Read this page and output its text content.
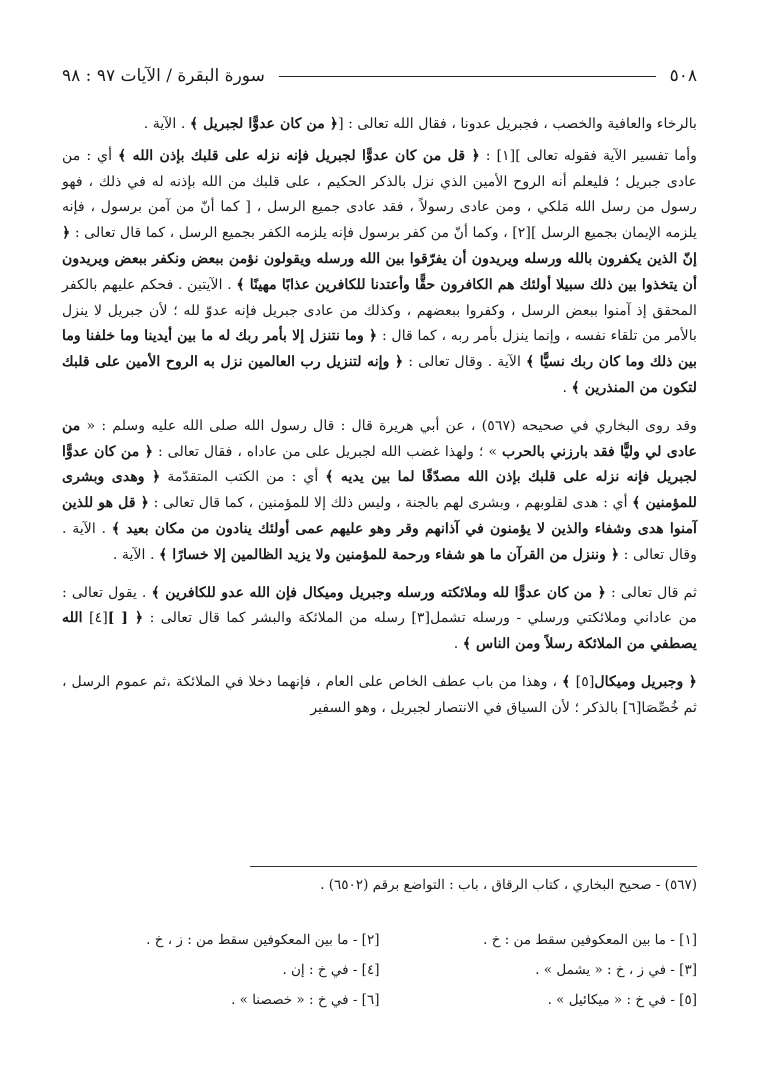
٥٠٨
سورة البقرة / الآيات ٩٧ : ٩٨

بالرخاء والعافية والخصب ، فجبريل عدونا ، فقال الله تعالى : [﴿ من كان عدوًّا لجبريل ﴾ . الآية .

وأما تفسير الآية فقوله تعالى ][١] : ﴿ قل من كان عدوًّا لجبريل فإنه نزله على قلبك بإذن الله ﴾ أي : من عادى جبريل ؛ فليعلم أنه الروح الأمين الذي نزل بالذكر الحكيم ، على قلبك من الله بإذنه له في ذلك ، فهو رسول من رسل الله مَلكي ، ومن عادى رسولاً ، فقد عادى جميع الرسل ، [ كما أنّ من آمن برسول ، فإنه يلزمه الإيمان بجميع الرسل ][٢] ، وكما أنّ من كفر برسول فإنه يلزمه الكفر بجميع الرسل ، كما قال تعالى : ﴿ إنّ الذين يكفرون بالله ورسله ويريدون أن يفرّقوا بين الله ورسله ويقولون نؤمن ببعض ونكفر ببعض ويريدون أن يتخذوا بين ذلك سبيلا أولئك هم الكافرون حقًّا وأعتدنا للكافرين عذابًا مهينًا ﴾ . الآيتين . فحكم عليهم بالكفر المحقق إذ آمنوا ببعض الرسل ، وكفروا ببعضهم ، وكذلك من عادى جبريل فإنه عدوّ لله ؛ لأن جبريل لا ينزل بالأمر من تلقاء نفسه ، وإنما ينزل بأمر ربه ، كما قال : ﴿ وما نتنزل إلا بأمر ربك له ما بين أيدينا وما خلفنا وما بين ذلك وما كان ربك نسيًّا ﴾ الآية . وقال تعالى : ﴿ وإنه لتنزيل رب العالمين نزل به الروح الأمين على قلبك لتكون من المنذرين ﴾ .

وقد روى البخاري في صحيحه (٥٦٧) ، عن أبي هريرة قال : قال رسول الله صلى الله عليه وسلم : « من عادى لي وليًّا فقد بارزني بالحرب » ؛ ولهذا غضب الله لجبريل على من عاداه ، فقال تعالى : ﴿ من كان عدوًّا لجبريل فإنه نزله على قلبك بإذن الله مصدّقًا لما بين يديه ﴾ أي : من الكتب المتقدّمة ﴿ وهدى وبشرى للمؤمنين ﴾ أي : هدى لقلوبهم ، وبشرى لهم بالجنة ، وليس ذلك إلا للمؤمنين ، كما قال تعالى : ﴿ قل هو للذين آمنوا هدى وشفاء والذين لا يؤمنون في آذانهم وقر وهو عليهم عمى أولئك ينادون من مكان بعيد ﴾ . الآية . وقال تعالى : ﴿ وننزل من القرآن ما هو شفاء ورحمة للمؤمنين ولا يزيد الظالمين إلا خسارًا ﴾ . الآية .

ثم قال تعالى : ﴿ من كان عدوًّا لله وملائكته ورسله وجبريل وميكال فإن الله عدو للكافرين ﴾ . يقول تعالى : من عاداني وملائكتي ورسلي - ورسله تشمل[٣] رسله من الملائكة والبشر كما قال تعالى : ﴿ [ ][٤] الله يصطفي من الملائكة رسلاً ومن الناس ﴾ .

﴿ وجبريل وميكال[٥] ﴾ ، وهذا من باب عطف الخاص على العام ، فإنهما دخلا في الملائكة ،ثم عموم الرسل ، ثم خُصِّصَا[٦] بالذكر ؛ لأن السياق في الانتصار لجبريل ، وهو السفير

(٥٦٧) - صحيح البخاري ، كتاب الرقاق ، باب : التواضع برقم (٦٥٠٢) .
[١] - ما بين المعكوفين سقط من : خ .
[٢] - ما بين المعكوفين سقط من : ز ، خ .
[٣] - في ز ، خ : « يشمل » .
[٤] - في خ : إن .
[٥] - في خ : « ميكائيل » .
[٦] - في خ : « خصصنا » .
